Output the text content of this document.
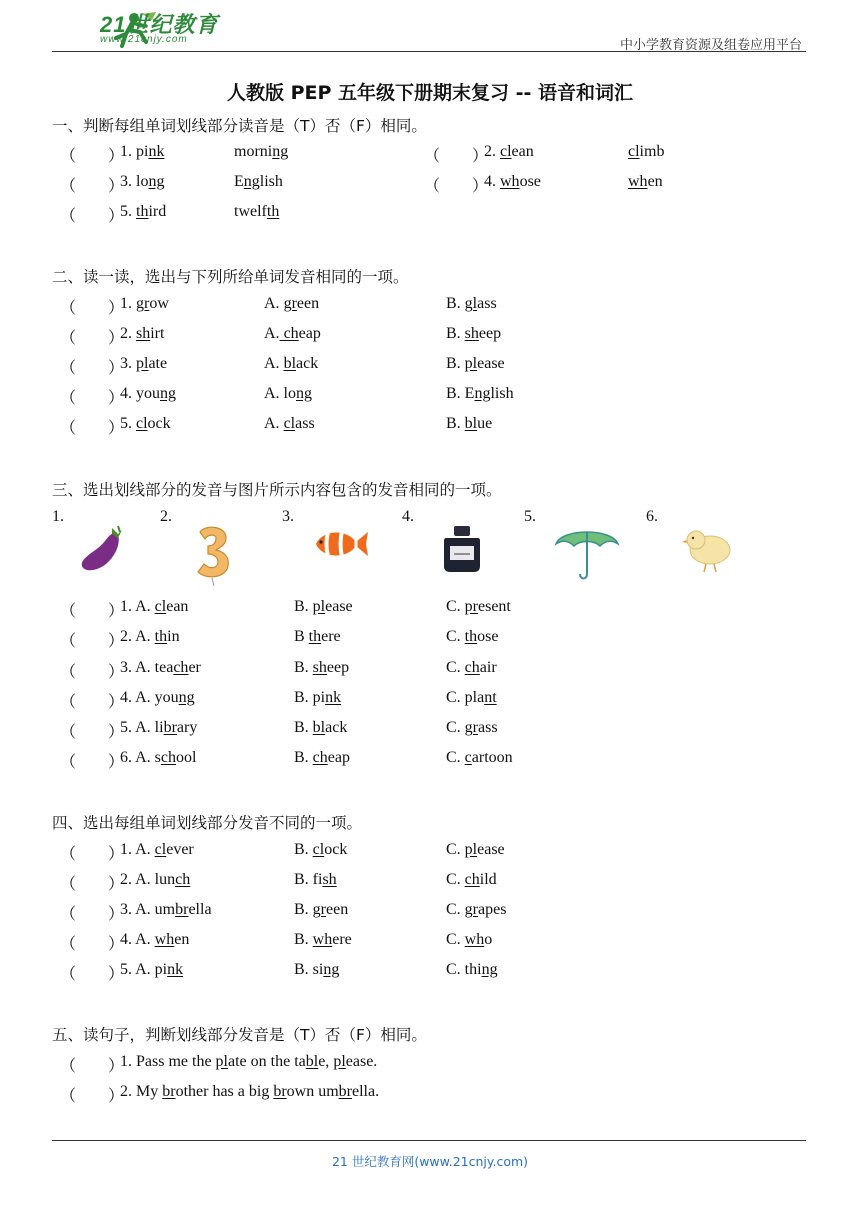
21世纪教育
www.21cnjy.com	中小学教育资源及组卷应用平台
人教版 PEP 五年级下册期末复习 -- 语音和词汇
一、判断每组单词划线部分读音是（T）否（F）相同。
（　　）
1. pink	morning	（　　）
2. clean	climb
（　　）
3. long	English	（　　）
4. whose	when
（　　）
5. third	twelfth
二、读一读，选出与下列所给单词发音相同的一项。
（　　）
1. grow	A. green	B. glass
（　　）
2. shirt	A. cheap	B. sheep
（　　）
3. plate	A. black	B. please
（　　）
4. young	A. long	B. English
（　　）
5. clock	A. class	B. blue
三、选出划线部分的发音与图片所示内容包含的发音相同的一项。
1.	2.	3.	4.	5.	6.
（　　）
1. A. clean	B. please	C. present
（　　）
2. A. thin	B there	C. those
（　　）
3. A. teacher	B. sheep	C. chair
（　　）
4. A. young	B. pink	C. plant
（　　）
5. A. library	B. black	C. grass
（　　）
6. A. school	B. cheap	C. cartoon
四、选出每组单词划线部分发音不同的一项。
（　　）
1. A. clever	B. clock	C. please
（　　）
2. A. lunch	B. fish	C. child
（　　）
3. A. umbrella	B. green	C. grapes
（　　）
4. A. when	B. where	C. who
（　　）
5. A. pink	B. sing	C. thing
五、读句子，判断划线部分发音是（T）否（F）相同。
（　　）
1. Pass me the plate on the table, please.
（　　）
2. My brother has a big brown umbrella.
21 世纪教育网(www.21cnjy.com)
